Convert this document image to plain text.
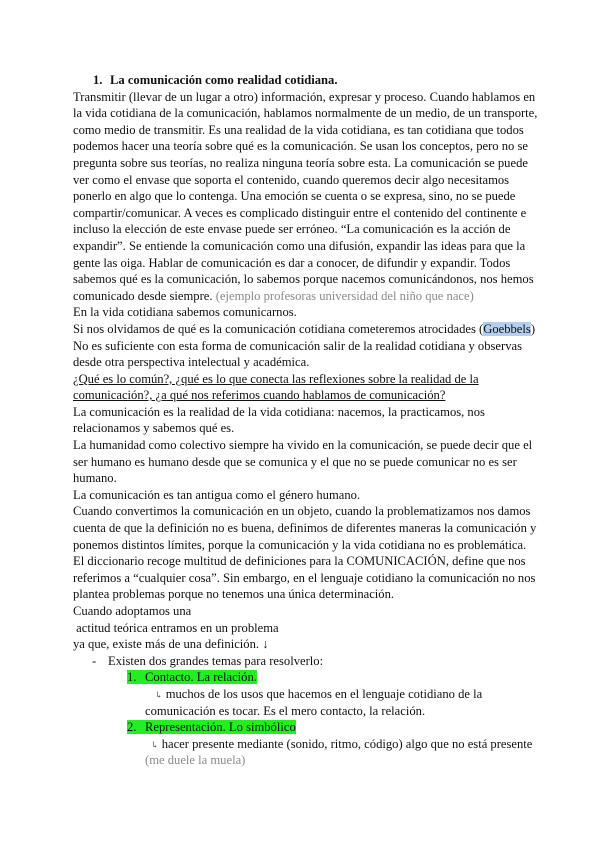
1. La comunicación como realidad cotidiana.
Transmitir (llevar de un lugar a otro) información, expresar y proceso. Cuando hablamos en
la vida cotidiana de la comunicación, hablamos normalmente de un medio, de un transporte,
como medio de transmitir. Es una realidad de la vida cotidiana, es tan cotidiana que todos
podemos hacer una teoría sobre qué es la comunicación. Se usan los conceptos, pero no se
pregunta sobre sus teorías, no realiza ninguna teoría sobre esta. La comunicación se puede
ver como el envase que soporta el contenido, cuando queremos decir algo necesitamos
ponerlo en algo que lo contenga. Una emoción se cuenta o se expresa, sino, no se puede
compartir/comunicar. A veces es complicado distinguir entre el contenido del continente e
incluso la elección de este envase puede ser erróneo. “La comunicación es la acción de
expandir”. Se entiende la comunicación como una difusión, expandir las ideas para que la
gente las oiga. Hablar de comunicación es dar a conocer, de difundir y expandir. Todos
sabemos qué es la comunicación, lo sabemos porque nacemos comunicándonos, nos hemos
comunicado desde siempre. (ejemplo profesoras universidad del niño que nace)
En la vida cotidiana sabemos comunicarnos.
Si nos olvidamos de qué es la comunicación cotidiana cometeremos atrocidades (Goebbels)
No es suficiente con esta forma de comunicación salir de la realidad cotidiana y observas
desde otra perspectiva intelectual y académica.
¿Qué es lo común?, ¿qué es lo que conecta las reflexiones sobre la realidad de la
comunicación?, ¿a qué nos referimos cuando hablamos de comunicación?
La comunicación es la realidad de la vida cotidiana: nacemos, la practicamos, nos
relacionamos y sabemos qué es.
La humanidad como colectivo siempre ha vivido en la comunicación, se puede decir que el
ser humano es humano desde que se comunica y el que no se puede comunicar no es ser
humano.
La comunicación es tan antigua como el género humano.
Cuando convertimos la comunicación en un objeto, cuando la problematizamos nos damos
cuenta de que la definición no es buena, definimos de diferentes maneras la comunicación y
ponemos distintos límites, porque la comunicación y la vida cotidiana no es problemática.
El diccionario recoge multitud de definiciones para la COMUNICACIÓN, define que nos
referimos a “cualquier cosa”. Sin embargo, en el lenguaje cotidiano la comunicación no nos
plantea problemas porque no tenemos una única determinación.
Cuando adoptamos una
actitud teórica entramos en un problema
ya que, existe más de una definición. ↓
- Existen dos grandes temas para resolverlo:
1. Contacto. La relación.
↳ muchos de los usos que hacemos en el lenguaje cotidiano de la
comunicación es tocar. Es el mero contacto, la relación.
2. Representación. Lo simbólico
↳ hacer presente mediante (sonido, ritmo, código) algo que no está presente
(me duele la muela)
